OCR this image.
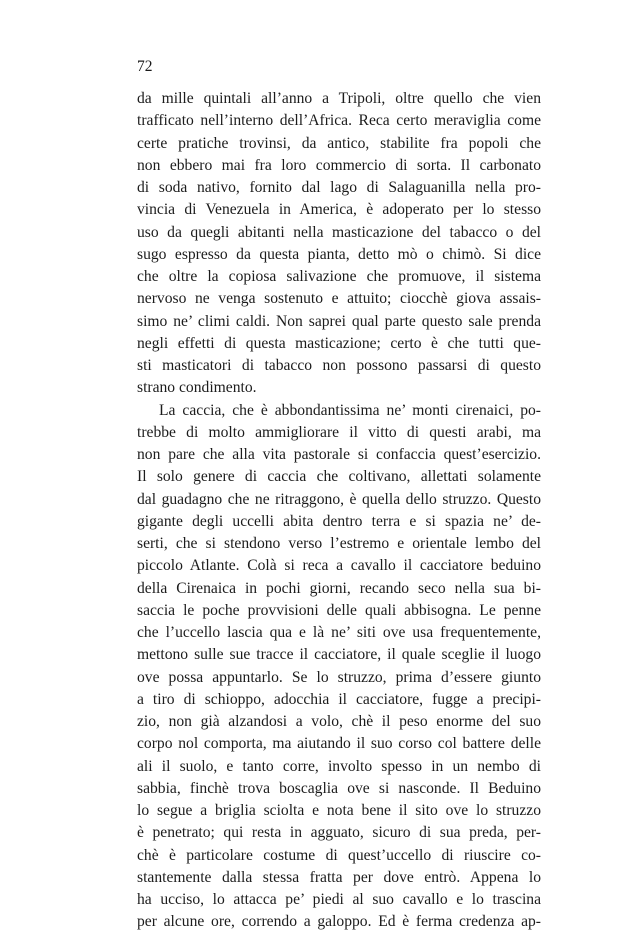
72
da mille quintali all’anno a Tripoli, oltre quello che vien
trafficato nell’interno dell’Africa. Reca certo meraviglia come
certe pratiche trovinsi, da antico, stabilite fra popoli che
non ebbero mai fra loro commercio di sorta. Il carbonato
di soda nativo, fornito dal lago di Salaguanilla nella pro-
vincia di Venezuela in America, è adoperato per lo stesso
uso da quegli abitanti nella masticazione del tabacco o del
sugo espresso da questa pianta, detto mò o chimò. Si dice
che oltre la copiosa salivazione che promuove, il sistema
nervoso ne venga sostenuto e attuito; ciocchè giova assais-
simo ne’ climi caldi. Non saprei qual parte questo sale prenda
negli effetti di questa masticazione; certo è che tutti que-
sti masticatori di tabacco non possono passarsi di questo
strano condimento.
La caccia, che è abbondantissima ne’ monti cirenaici, po-
trebbe di molto ammigliorare il vitto di questi arabi, ma
non pare che alla vita pastorale si confaccia quest’esercizio.
Il solo genere di caccia che coltivano, allettati solamente
dal guadagno che ne ritraggono, è quella dello struzzo. Questo
gigante degli uccelli abita dentro terra e si spazia ne’ de-
serti, che si stendono verso l’estremo e orientale lembo del
piccolo Atlante. Colà si reca a cavallo il cacciatore beduino
della Cirenaica in pochi giorni, recando seco nella sua bi-
saccia le poche provvisioni delle quali abbisogna. Le penne
che l’uccello lascia qua e là ne’ siti ove usa frequentemente,
mettono sulle sue tracce il cacciatore, il quale sceglie il luogo
ove possa appuntarlo. Se lo struzzo, prima d’essere giunto
a tiro di schioppo, adocchia il cacciatore, fugge a precipi-
zio, non già alzandosi a volo, chè il peso enorme del suo
corpo nol comporta, ma aiutando il suo corso col battere delle
ali il suolo, e tanto corre, involto spesso in un nembo di
sabbia, finchè trova boscaglia ove si nasconde. Il Beduino
lo segue a briglia sciolta e nota bene il sito ove lo struzzo
è penetrato; qui resta in agguato, sicuro di sua preda, per-
chè è particolare costume di quest’uccello di riuscire co-
stantemente dalla stessa fratta per dove entrò. Appena lo
ha ucciso, lo attacca pe’ piedi al suo cavallo e lo trascina
per alcune ore, correndo a galoppo. Ed è ferma credenza ap-
